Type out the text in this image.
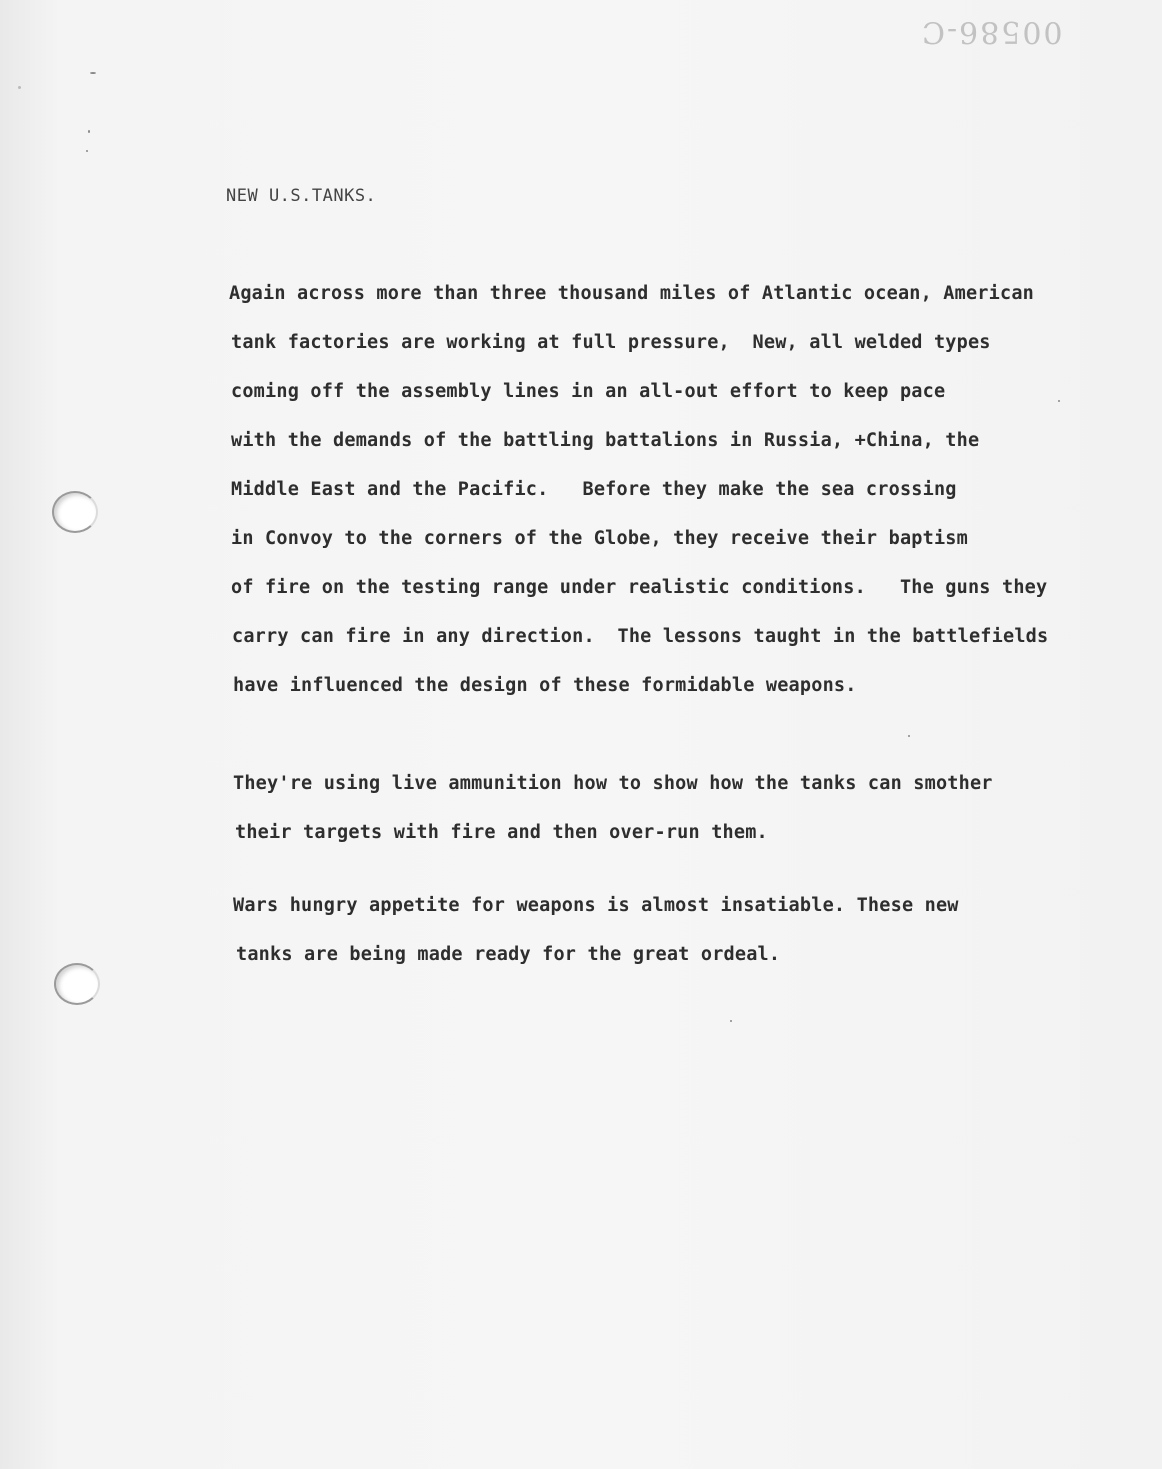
00586-C
NEW U.S.TANKS.
Again across more than three thousand miles of Atlantic ocean, American
tank factories are working at full pressure,  New, all welded types
coming off the assembly lines in an all-out effort to keep pace
with the demands of the battling battalions in Russia, +China, the
Middle East and the Pacific.   Before they make the sea crossing
in Convoy to the corners of the Globe, they receive their baptism
of fire on the testing range under realistic conditions.   The guns they
carry can fire in any direction.  The lessons taught in the battlefields
have influenced the design of these formidable weapons.
They're using live ammunition how to show how the tanks can smother
their targets with fire and then over-run them.
Wars hungry appetite for weapons is almost insatiable. These new
tanks are being made ready for the great ordeal.
